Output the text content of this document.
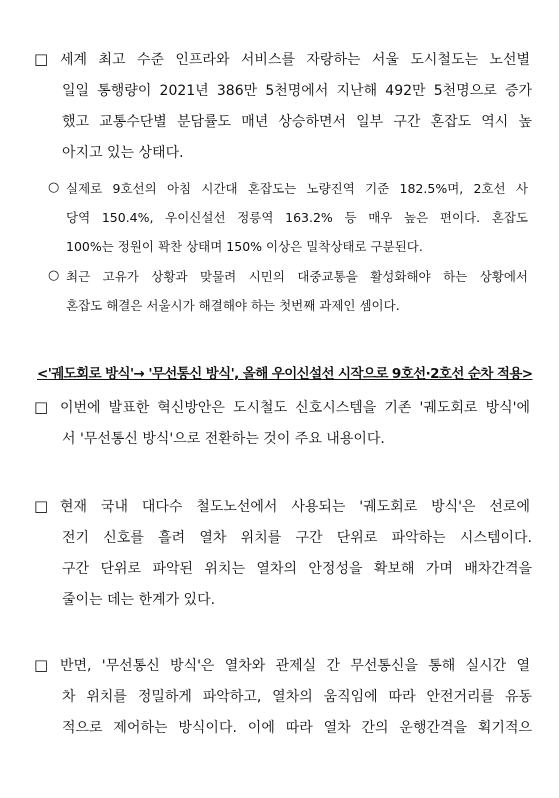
□ 세계 최고 수준 인프라와 서비스를 자랑하는 서울 도시철도는 노선별
일일 통행량이 2021년 386만 5천명에서 지난해 492만 5천명으로 증가
했고 교통수단별 분담률도 매년 상승하면서 일부 구간 혼잡도 역시 높
아지고 있는 상태다.
○ 실제로 9호선의 아침 시간대 혼잡도는 노량진역 기준 182.5%며, 2호선 사
당역 150.4%, 우이신설선 정릉역 163.2% 등 매우 높은 편이다. 혼잡도
100%는 정원이 꽉찬 상태며 150% 이상은 밀착상태로 구분된다.
○ 최근 고유가 상황과 맞물려 시민의 대중교통을 활성화해야 하는 상황에서
혼잡도 해결은 서울시가 해결해야 하는 첫번째 과제인 셈이다.
<'궤도회로 방식'→ '무선통신 방식', 올해 우이신설선 시작으로 9호선·2호선 순차 적용>
□ 이번에 발표한 혁신방안은 도시철도 신호시스템을 기존 '궤도회로 방식'에
서 '무선통신 방식'으로 전환하는 것이 주요 내용이다.
□ 현재 국내 대다수 철도노선에서 사용되는 '궤도회로 방식'은 선로에
전기 신호를 흘려 열차 위치를 구간 단위로 파악하는 시스템이다.
구간 단위로 파악된 위치는 열차의 안정성을 확보해 가며 배차간격을
줄이는 데는 한계가 있다.
□ 반면, '무선통신 방식'은 열차와 관제실 간 무선통신을 통해 실시간 열
차 위치를 정밀하게 파악하고, 열차의 움직임에 따라 안전거리를 유동
적으로 제어하는 방식이다. 이에 따라 열차 간의 운행간격을 획기적으
